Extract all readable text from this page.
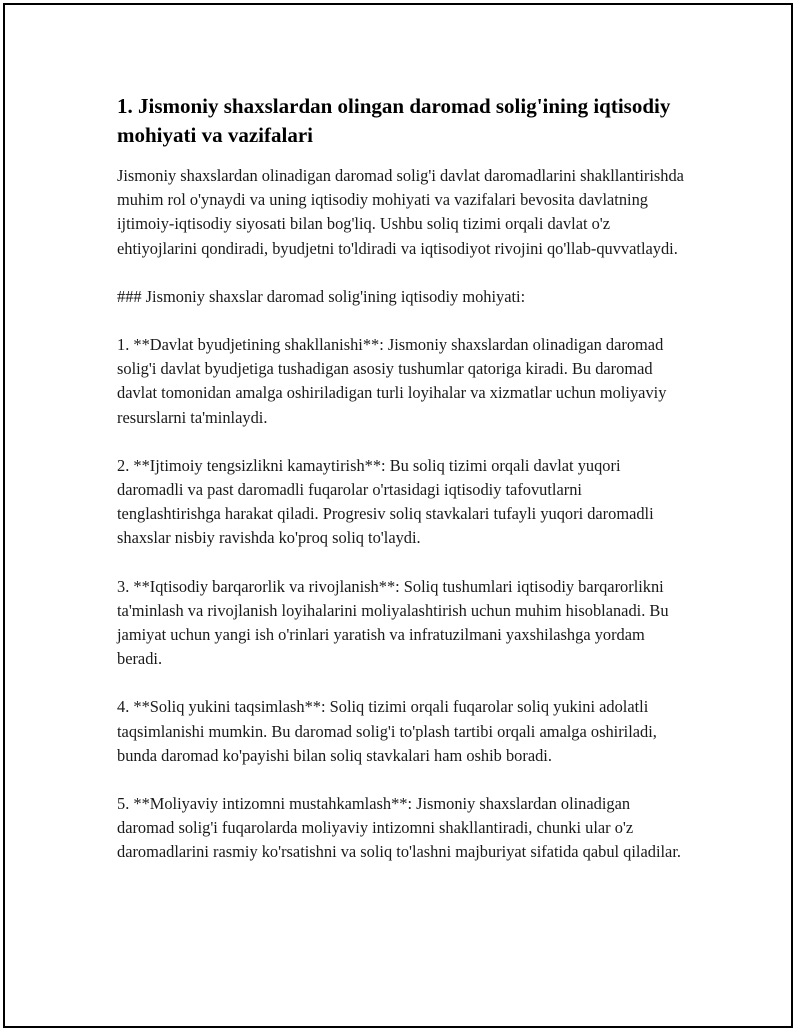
1. Jismoniy shaxslardan olingan daromad solig'ining iqtisodiy mohiyati va vazifalari

Jismoniy shaxslardan olinadigan daromad solig'i davlat daromadlarini shakllantirishda muhim rol o'ynaydi va uning iqtisodiy mohiyati va vazifalari bevosita davlatning ijtimoiy-iqtisodiy siyosati bilan bog'liq. Ushbu soliq tizimi orqali davlat o'z ehtiyojlarini qondiradi, byudjetni to'ldiradi va iqtisodiyot rivojini qo'llab-quvvatlaydi.

### Jismoniy shaxslar daromad solig'ining iqtisodiy mohiyati:

1. **Davlat byudjetining shakllanishi**: Jismoniy shaxslardan olinadigan daromad solig'i davlat byudjetiga tushadigan asosiy tushumlar qatoriga kiradi. Bu daromad davlat tomonidan amalga oshiriladigan turli loyihalar va xizmatlar uchun moliyaviy resurslarni ta'minlaydi.

2. **Ijtimoiy tengsizlikni kamaytirish**: Bu soliq tizimi orqali davlat yuqori daromadli va past daromadli fuqarolar o'rtasidagi iqtisodiy tafovutlarni tenglashtirishga harakat qiladi. Progresiv soliq stavkalari tufayli yuqori daromadli shaxslar nisbiy ravishda ko'proq soliq to'laydi.

3. **Iqtisodiy barqarorlik va rivojlanish**: Soliq tushumlari iqtisodiy barqarorlikni ta'minlash va rivojlanish loyihalarini moliyalashtirish uchun muhim hisoblanadi. Bu jamiyat uchun yangi ish o'rinlari yaratish va infratuzilmani yaxshilashga yordam beradi.

4. **Soliq yukini taqsimlash**: Soliq tizimi orqali fuqarolar soliq yukini adolatli taqsimlanishi mumkin. Bu daromad solig'i to'plash tartibi orqali amalga oshiriladi, bunda daromad ko'payishi bilan soliq stavkalari ham oshib boradi.

5. **Moliyaviy intizomni mustahkamlash**: Jismoniy shaxslardan olinadigan daromad solig'i fuqarolarda moliyaviy intizomni shakllantiradi, chunki ular o'z daromadlarini rasmiy ko'rsatishni va soliq to'lashni majburiyat sifatida qabul qiladilar.
